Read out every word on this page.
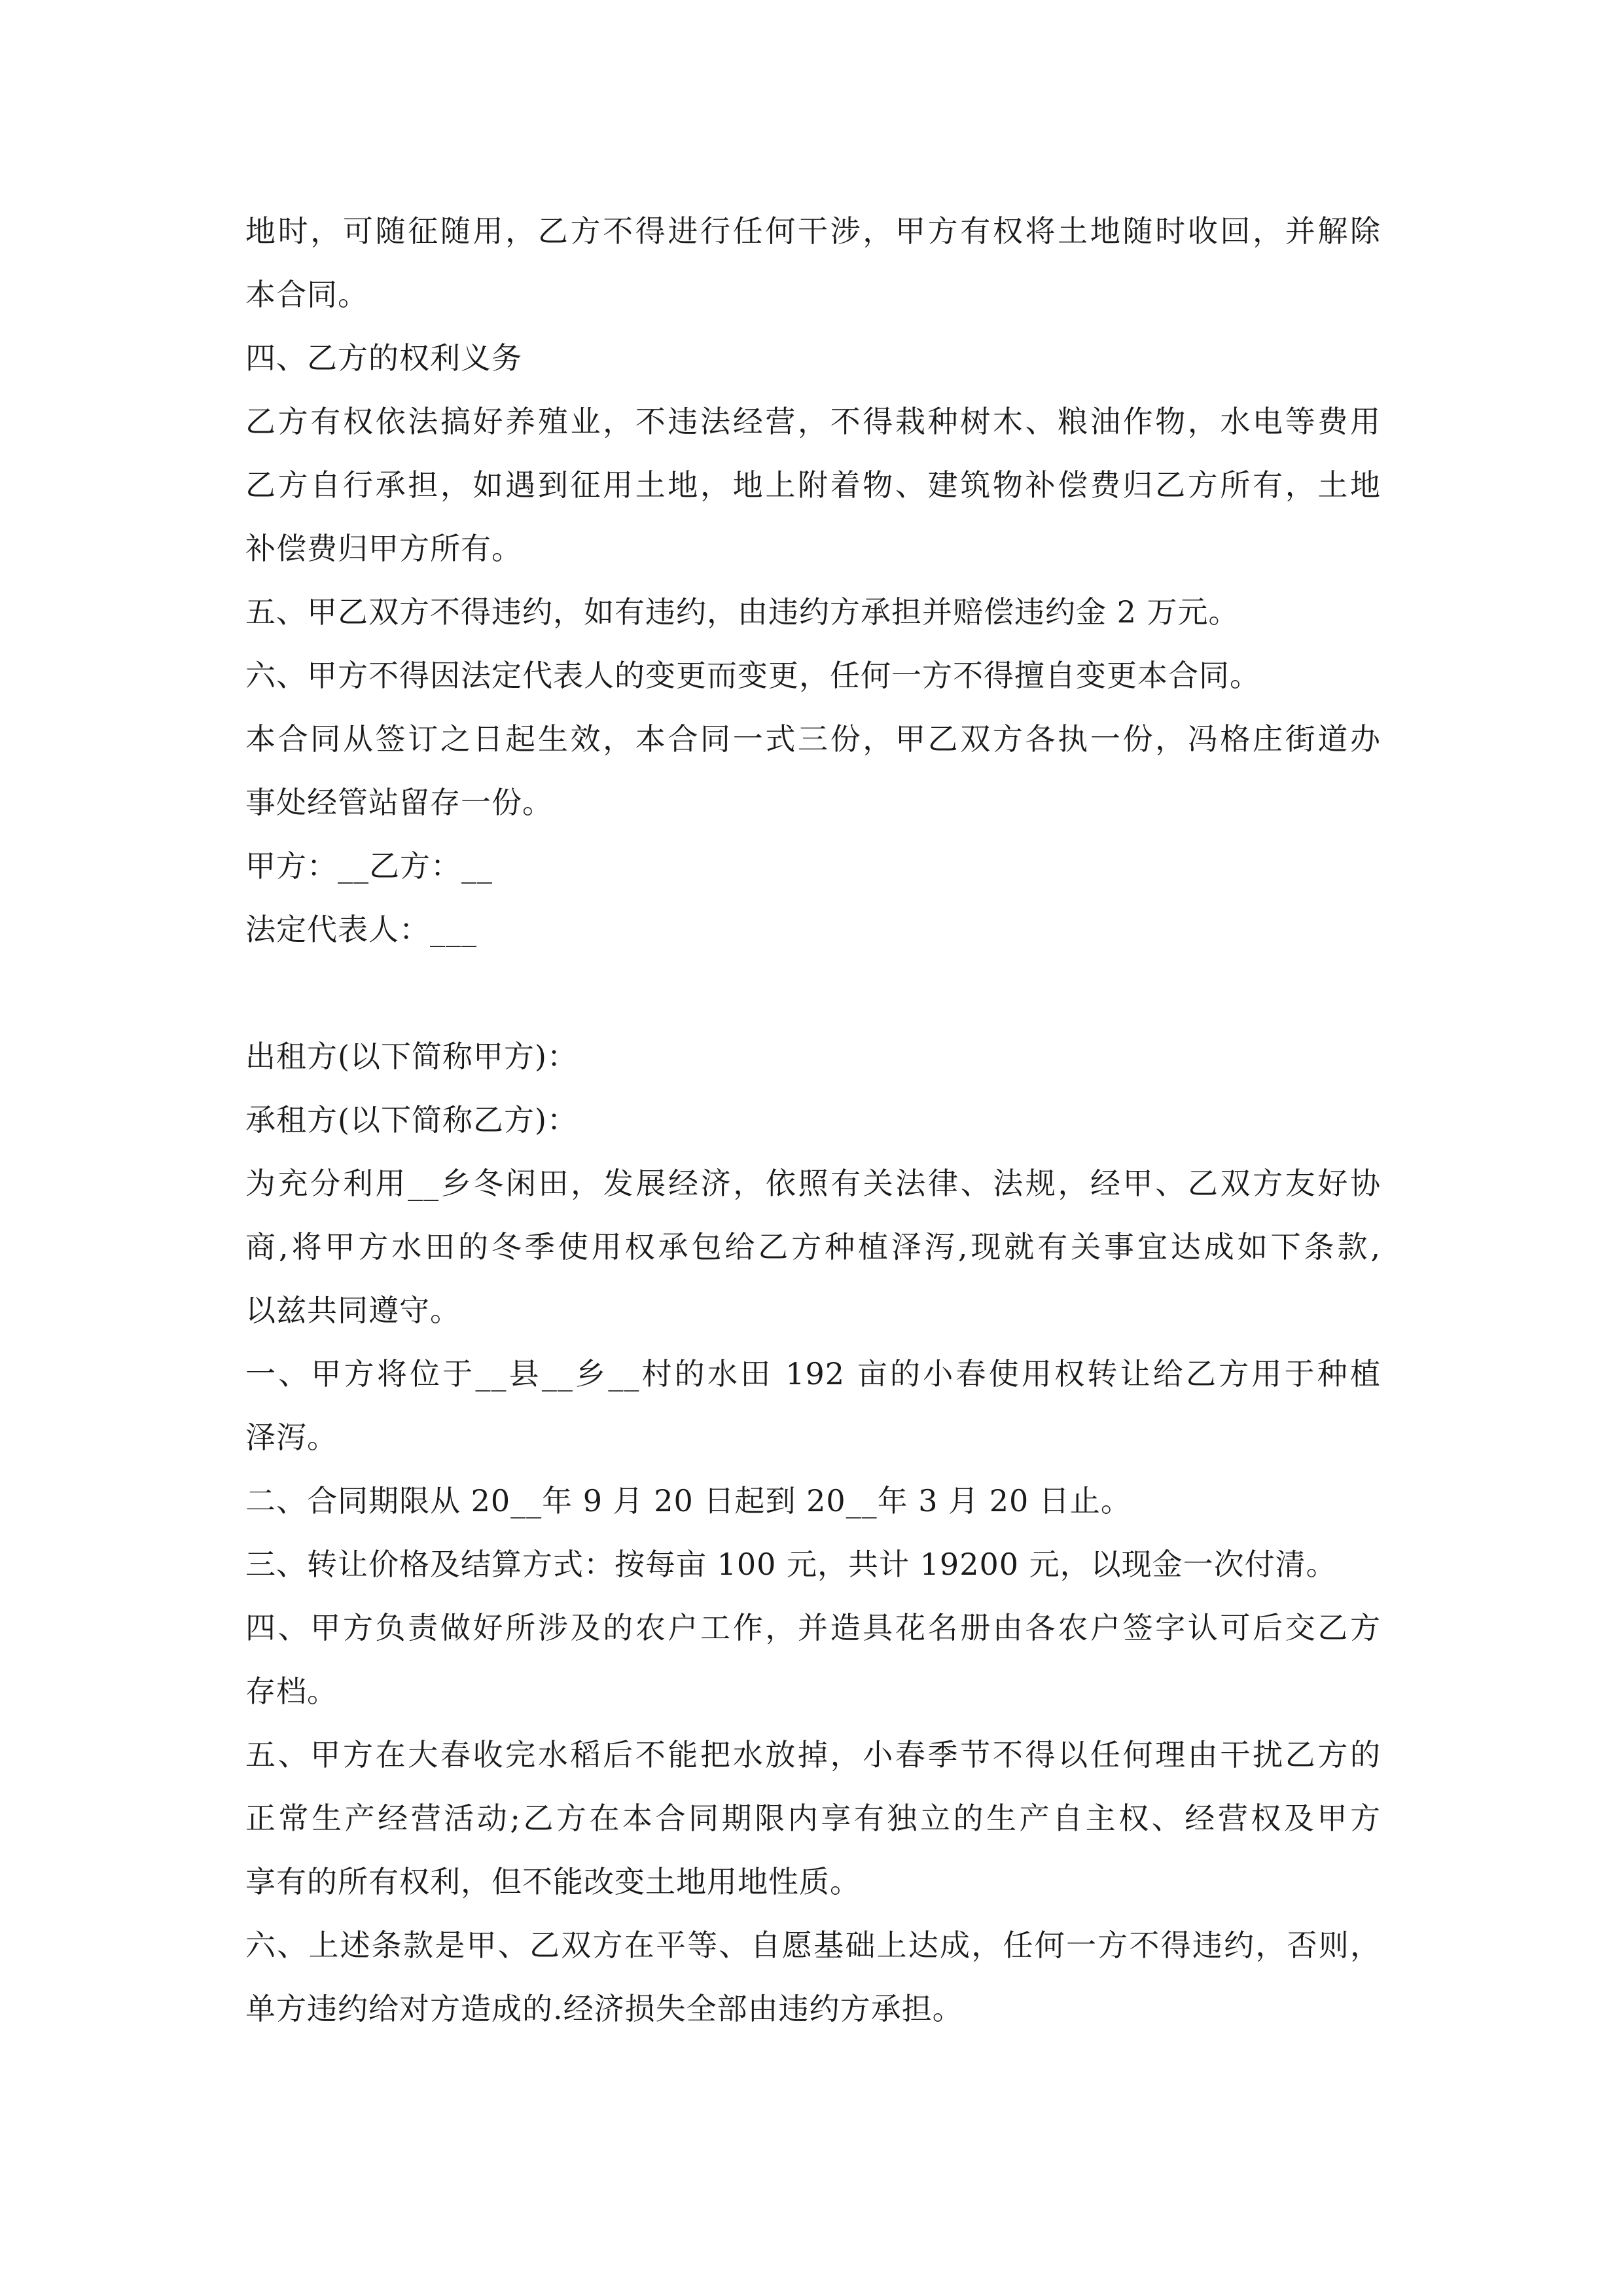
地时，可随征随用，乙方不得进行任何干涉，甲方有权将土地随时收回，并解除
本合同。
四、乙方的权利义务
乙方有权依法搞好养殖业，不违法经营，不得栽种树木、粮油作物，水电等费用
乙方自行承担，如遇到征用土地，地上附着物、建筑物补偿费归乙方所有，土地
补偿费归甲方所有。
五、甲乙双方不得违约，如有违约，由违约方承担并赔偿违约金 2 万元。
六、甲方不得因法定代表人的变更而变更，任何一方不得擅自变更本合同。
本合同从签订之日起生效，本合同一式三份，甲乙双方各执一份，冯格庄街道办
事处经管站留存一份。
甲方：__乙方：__
法定代表人：___
出租方(以下简称甲方)：
承租方(以下简称乙方)：
为充分利用__乡冬闲田，发展经济，依照有关法律、法规，经甲、乙双方友好协
商,将甲方水田的冬季使用权承包给乙方种植泽泻,现就有关事宜达成如下条款,
以兹共同遵守。
一、甲方将位于__县__乡__村的水田 192 亩的小春使用权转让给乙方用于种植
泽泻。
二、合同期限从 20__年 9 月 20 日起到 20__年 3 月 20 日止。
三、转让价格及结算方式：按每亩 100 元，共计 19200 元，以现金一次付清。
四、甲方负责做好所涉及的农户工作，并造具花名册由各农户签字认可后交乙方
存档。
五、甲方在大春收完水稻后不能把水放掉，小春季节不得以任何理由干扰乙方的
正常生产经营活动;乙方在本合同期限内享有独立的生产自主权、经营权及甲方
享有的所有权利，但不能改变土地用地性质。
六、上述条款是甲、乙双方在平等、自愿基础上达成，任何一方不得违约，否则，
单方违约给对方造成的.经济损失全部由违约方承担。
